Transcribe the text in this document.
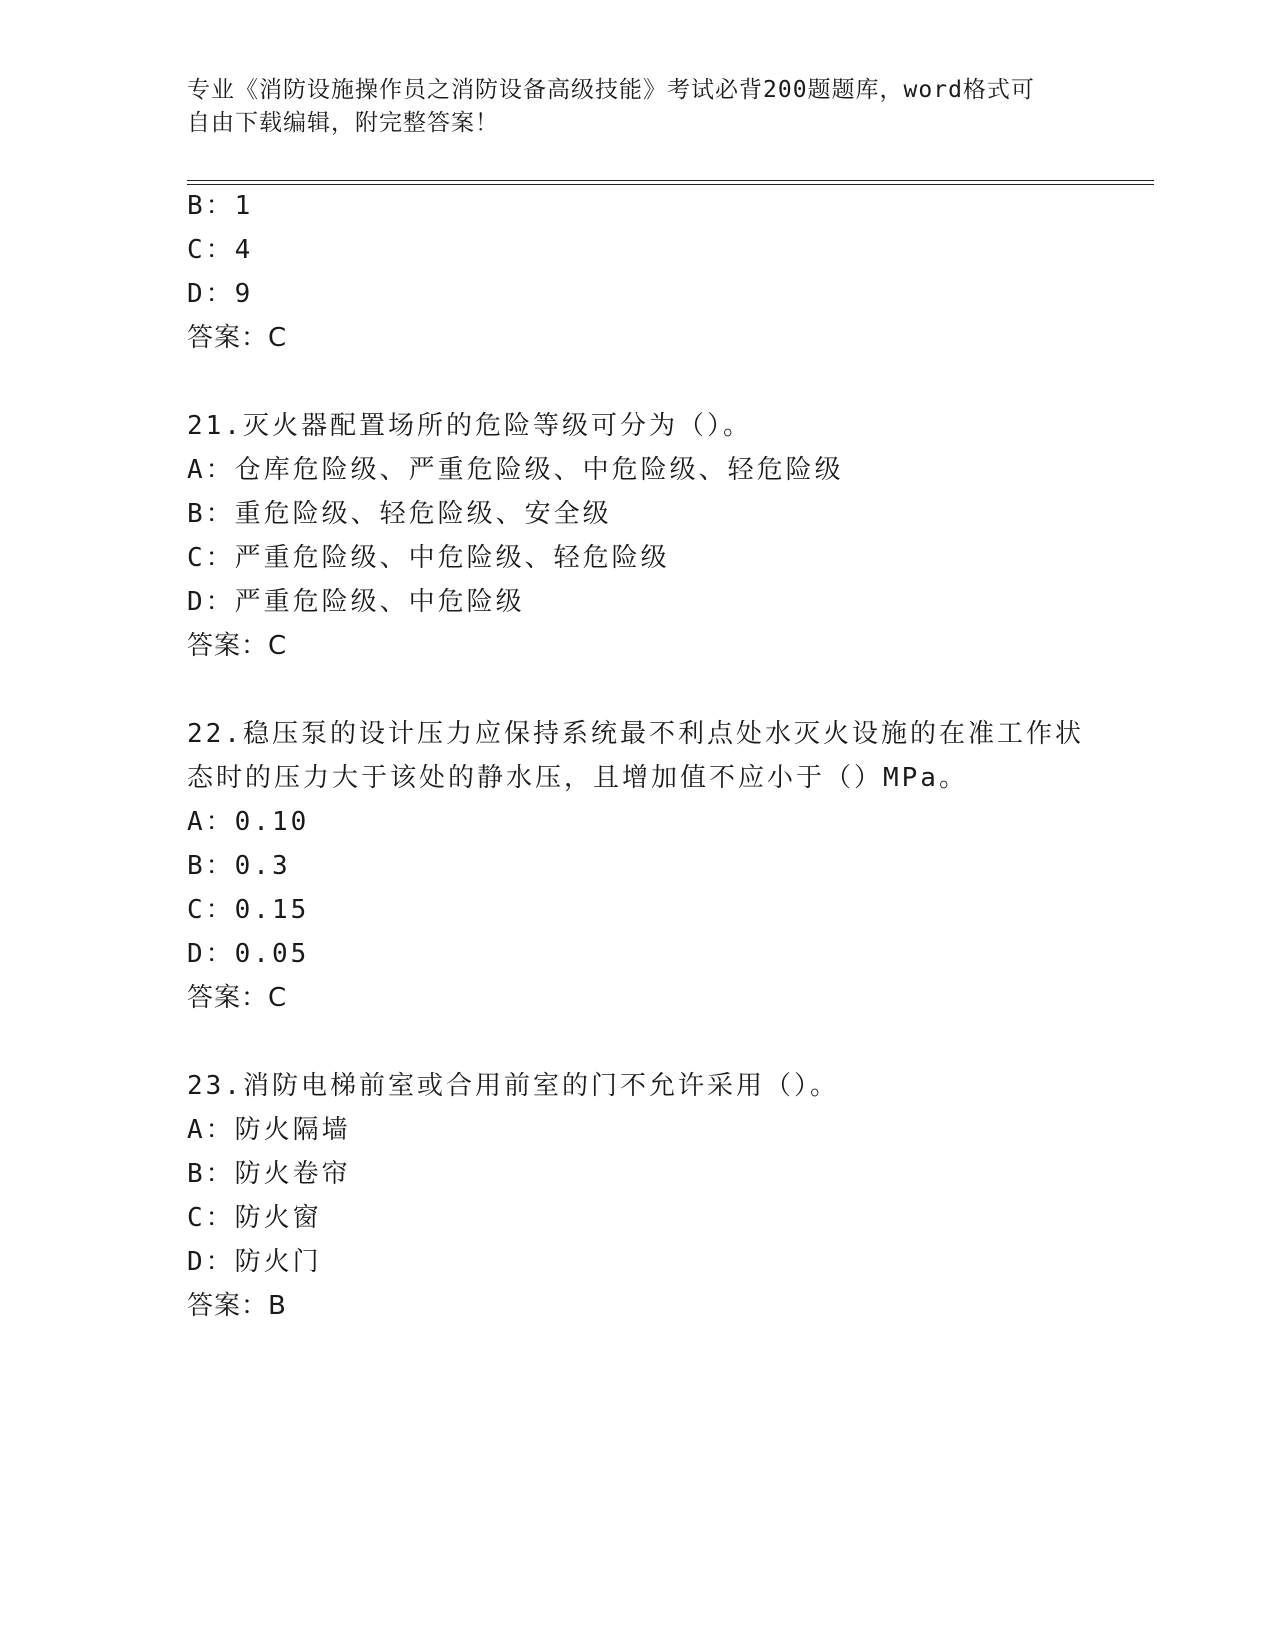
专业《消防设施操作员之消防设备高级技能》考试必背200题题库，word格式可
自由下载编辑，附完整答案！
B：1
C：4
D：9
答案：C
21.灭火器配置场所的危险等级可分为（）。
A：仓库危险级、严重危险级、中危险级、轻危险级
B：重危险级、轻危险级、安全级
C：严重危险级、中危险级、轻危险级
D：严重危险级、中危险级
答案：C
22.稳压泵的设计压力应保持系统最不利点处水灭火设施的在准工作状
态时的压力大于该处的静水压，且增加值不应小于（）MPa。
A：0.10
B：0.3
C：0.15
D：0.05
答案：C
23.消防电梯前室或合用前室的门不允许采用（）。
A：防火隔墙
B：防火卷帘
C：防火窗
D：防火门
答案：B
